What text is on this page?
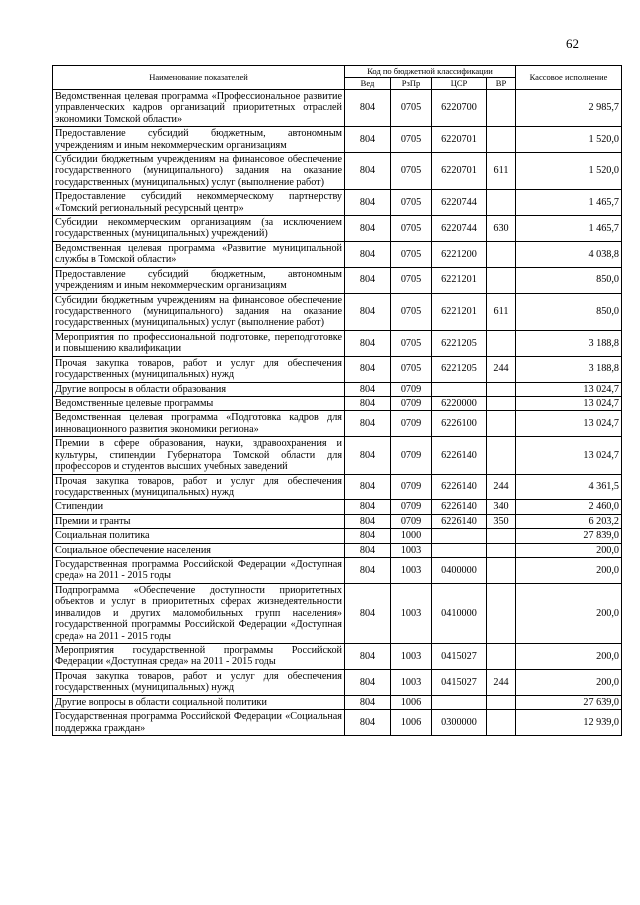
62
Наименование показателей	Код по бюджетной классификации				Кассовое исполнение
	Вед	РзПр	ЦСР	ВР	
Ведомственная целевая программа «Профессиональное развитие управленческих кадров организаций приоритетных отраслей экономики Томской области»	804	0705	6220700		2 985,7
Предоставление субсидий бюджетным, автономным учреждениям и иным некоммерческим организациям	804	0705	6220701		1 520,0
Субсидии бюджетным учреждениям на финансовое обеспечение государственного (муниципального) задания на оказание государственных (муниципальных) услуг (выполнение работ)	804	0705	6220701	611	1 520,0
Предоставление субсидий некоммерческому партнерству «Томский региональный ресурсный центр»	804	0705	6220744		1 465,7
Субсидии некоммерческим организациям (за исключением государственных (муниципальных) учреждений)	804	0705	6220744	630	1 465,7
Ведомственная целевая программа «Развитие муниципальной службы в Томской области»	804	0705	6221200		4 038,8
Предоставление субсидий бюджетным, автономным учреждениям и иным некоммерческим организациям	804	0705	6221201		850,0
Субсидии бюджетным учреждениям на финансовое обеспечение государственного (муниципального) задания на оказание государственных (муниципальных) услуг (выполнение работ)	804	0705	6221201	611	850,0
Мероприятия по профессиональной подготовке, переподготовке и повышению квалификации	804	0705	6221205		3 188,8
Прочая закупка товаров, работ и услуг для обеспечения государственных (муниципальных) нужд	804	0705	6221205	244	3 188,8
Другие вопросы в области образования	804	0709			13 024,7
Ведомственные целевые программы	804	0709	6220000		13 024,7
Ведомственная целевая программа «Подготовка кадров для инновационного развития экономики региона»	804	0709	6226100		13 024,7
Премии в сфере образования, науки, здравоохранения и культуры, стипендии Губернатора Томской области для профессоров и студентов высших учебных заведений	804	0709	6226140		13 024,7
Прочая закупка товаров, работ и услуг для обеспечения государственных (муниципальных) нужд	804	0709	6226140	244	4 361,5
Стипендии	804	0709	6226140	340	2 460,0
Премии и гранты	804	0709	6226140	350	6 203,2
Социальная политика	804	1000			27 839,0
Социальное обеспечение населения	804	1003			200,0
Государственная программа Российской Федерации «Доступная среда» на 2011 - 2015 годы	804	1003	0400000		200,0
Подпрограмма «Обеспечение доступности приоритетных объектов и услуг в приоритетных сферах жизнедеятельности инвалидов и других маломобильных групп населения» государственной программы Российской Федерации «Доступная среда» на 2011 - 2015 годы	804	1003	0410000		200,0
Мероприятия государственной программы Российской Федерации «Доступная среда» на 2011 - 2015 годы	804	1003	0415027		200,0
Прочая закупка товаров, работ и услуг для обеспечения государственных (муниципальных) нужд	804	1003	0415027	244	200,0
Другие вопросы в области социальной политики	804	1006			27 639,0
Государственная программа Российской Федерации «Социальная поддержка граждан»	804	1006	0300000		12 939,0
